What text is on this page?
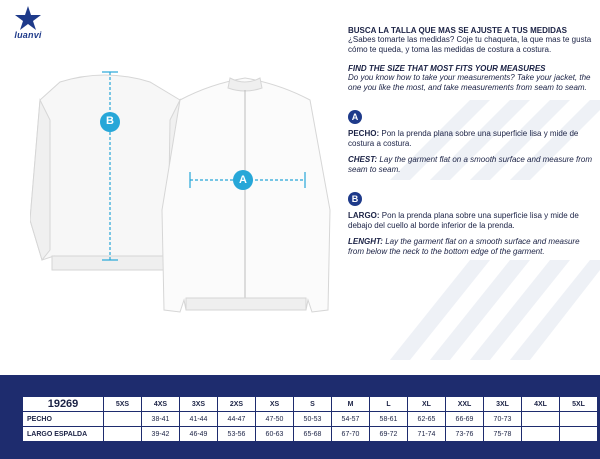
luanvi
B
A

BUSCA LA TALLA QUE MAS SE AJUSTE A TUS MEDIDAS

¿Sabes tomarte las medidas? Coje tu chaqueta, la que mas te gusta cómo te queda, y toma las medidas de costura a costura.

FIND THE SIZE THAT MOST FITS YOUR MEASURES

Do you know how to take your measurements? Take your jacket, the one you like the most, and take measurements from seam to seam.

A

PECHO: Pon la prenda plana sobre una superficie lisa y mide de costura a costura.

CHEST: Lay the garment flat on a smooth surface and measure from seam to seam.

B

LARGO: Pon la prenda plana sobre una superficie lisa y mide de debajo del cuello al borde inferior de la prenda.

LENGHT: Lay the garment flat on a smooth surface and measure from below the neck to the bottom edge of the garment.

19269	5XS	4XS	3XS	2XS	XS	S	M	L	XL	XXL	3XL	4XL	5XL
PECHO		38-41	41-44	44-47	47-50	50-53	54-57	58-61	62-65	66-69	70-73		
LARGO ESPALDA		39-42	46-49	53-56	60-63	65-68	67-70	69-72	71-74	73-76	75-78		
